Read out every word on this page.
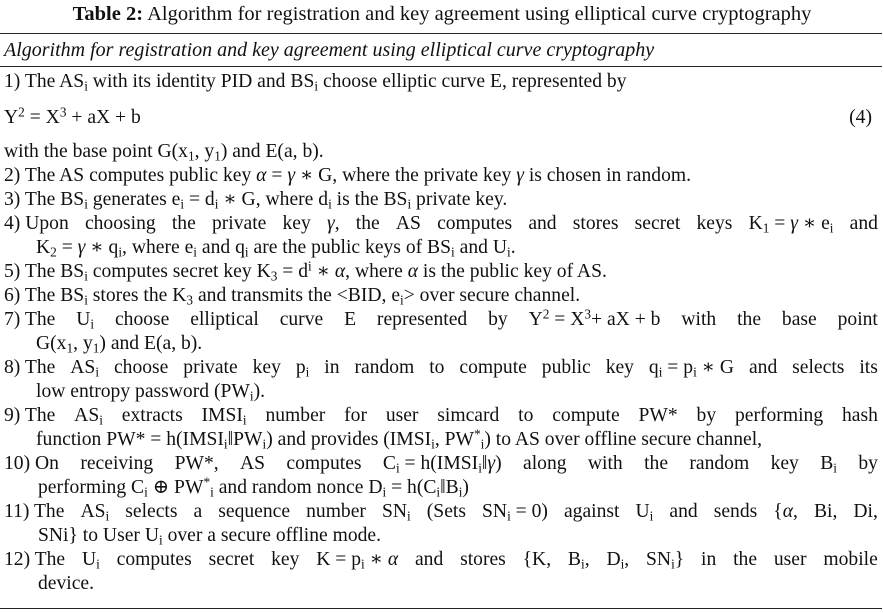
Table 2: Algorithm for registration and key agreement using elliptical curve cryptography
Algorithm for registration and key agreement using elliptical curve cryptography
1) The $AS_i$ with its identity PID and $BS_i$ choose elliptic curve E, represented by
$Y^2 = X^3$ + aX + b	(4)
with the base point $G(x_1$, $y_1$) and E(a, b).
2) The AS computes public key α = γ ∗ G, where the private key γ is chosen in random.
3) The $BS_i$ generates $e_i = d_i$ ∗ G, where $d_i$ is the $BS_i$ private key.
4) Upon choosing the private key γ, the AS computes and stores secret keys $K_1 = \gamma$ ∗ $e_i$ and
$K_2 = \gamma$ ∗ $q_i$, where $e_i$ and $q_i$ are the public keys of $BS_i$ and $U_i$.
5) The $BS_i$ computes secret key $K_3 = d^i$ ∗ α, where α is the public key of AS.
6) The $BS_i$ stores the $K_3$ and transmits the <BID, $e_i>$ over secure channel.
7) The $U_i$ choose elliptical curve E represented by $Y^2 = X^3+$ aX + b with the base point
$G(x_1$, $y_1$) and E(a, b).
8) The $AS_i$ choose private key $p_i$ in random to compute public key $q_i = p_i$ ∗ G and selects its
low entropy password $(PW_i)$.
9) The $AS_i$ extracts $IMSI_i$ number for user simcard to compute PW* by performing hash
function $PW* = h(IMSI_i‖PW_i)$ and provides ($IMSI_i$, $PW^*_i$) to AS over offline secure channel,
10) On receiving PW*, AS computes $C_i$ = $h(IMSI_i‖\gamma)$ along with the random key $B_i$ by
performing $C_i$ ⊕ $PW^*_i$ and random nonce $D_i$ = $h(C_i‖B_i)$
11) The $AS_i$ selects a sequence number $SN_i$ (Sets $SN_i = 0$) against $U_i$ and sends {α, Bi, Di,
SNi} to User $U_i$ over a secure offline mode.
12) The $U_i$ computes secret key $K = p_i$ ∗ α and stores {K, $B_i$, $D_i$, $SN_i$} in the user mobile
device.
